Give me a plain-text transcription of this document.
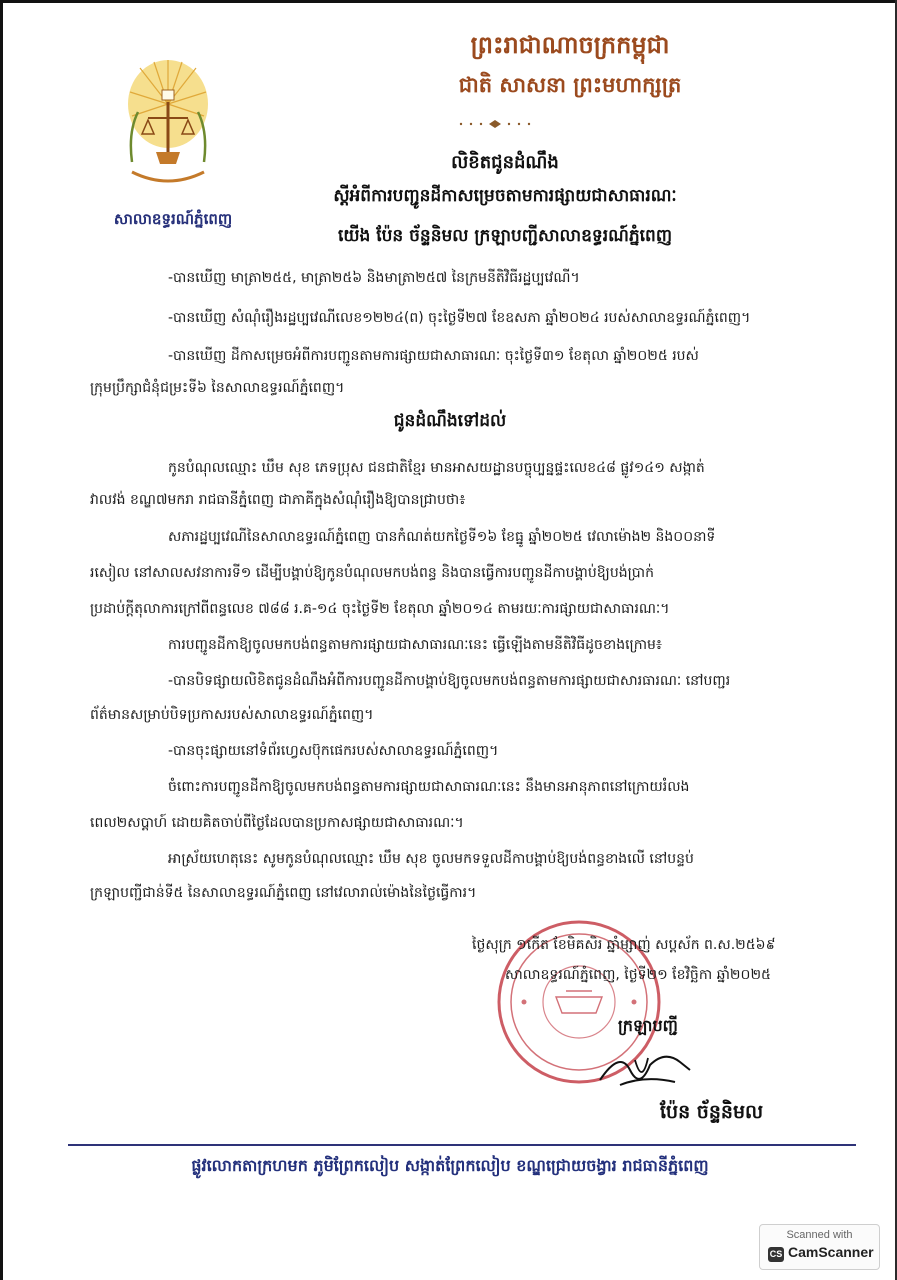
សាលាឧទ្ធរណ៍ភ្នំពេញ
ព្រះរាជាណាចក្រកម្ពុជា
ជាតិ សាសនា ព្រះមហាក្សត្រ
លិខិតជូនដំណឹង
ស្តីអំពីការបញ្ជូនដីកាសម្រេចតាមការផ្សាយជាសាធារណៈ
យើង ប៉ែន ច័ន្ទនិមល ក្រឡាបញ្ជីសាលាឧទ្ធរណ៍ភ្នំពេញ
-បានឃើញ មាត្រា២៥៥, មាត្រា២៥៦ និងមាត្រា២៥៧ នៃក្រមនីតិវិធីរដ្ឋប្បវេណី។
-បានឃើញ សំណុំរឿងរដ្ឋប្បវេណីលេខ១២២៤(ព) ចុះថ្ងៃទី២៧ ខែឧសភា ឆ្នាំ២០២៤ របស់សាលាឧទ្ធរណ៍ភ្នំពេញ។
-បានឃើញ ដីកាសម្រេចអំពីការបញ្ជូនតាមការផ្សាយជាសាធារណៈ ចុះថ្ងៃទី៣១ ខែតុលា ឆ្នាំ២០២៥ របស់
ក្រុមប្រឹក្សាជំនុំជម្រះទី៦ នៃសាលាឧទ្ធរណ៍ភ្នំពេញ។
ជូនដំណឹងទៅដល់
កូនបំណុលឈ្មោះ ឃឹម សុខ ភេទប្រុស ជនជាតិខ្មែរ មានអាសយដ្ឋានបច្ចុប្បន្នផ្ទះលេខ៤៨ ផ្លូវ១៤១ សង្កាត់
វាលវង់ ខណ្ឌ៧មករា រាជធានីភ្នំពេញ ជាភាគីក្នុងសំណុំរឿងឱ្យបានជ្រាបថា៖
សភារដ្ឋប្បវេណីនៃសាលាឧទ្ធរណ៍ភ្នំពេញ បានកំណត់យកថ្ងៃទី១៦ ខែធ្នូ ឆ្នាំ២០២៥ វេលាម៉ោង២ និង០០នាទី
រសៀល នៅសាលសវនាការទី១ ដើម្បីបង្គាប់ឱ្យកូនបំណុលមកបង់ពន្ធ និងបានធ្វើការបញ្ជូនដីកាបង្គាប់ឱ្យបង់ប្រាក់
ប្រដាប់ក្តីតុលាការក្រៅពីពន្ធលេខ ៧៨៨ រ.គ-១៤ ចុះថ្ងៃទី២ ខែតុលា ឆ្នាំ២០១៤ តាមរយៈការផ្សាយជាសាធារណៈ។
ការបញ្ជូនដីកាឱ្យចូលមកបង់ពន្ធតាមការផ្សាយជាសាធារណៈនេះ ធ្វើឡើងតាមនីតិវិធីដូចខាងក្រោម៖
-បានបិទផ្សាយលិខិតជូនដំណឹងអំពីការបញ្ជូនដីកាបង្គាប់ឱ្យចូលមកបង់ពន្ធតាមការផ្សាយជាសារធារណៈ នៅបញ្ជរ
ព័ត៌មានសម្រាប់បិទប្រកាសរបស់សាលាឧទ្ធរណ៍ភ្នំពេញ។
-បានចុះផ្សាយនៅទំព័រហ្វេសប៊ុកផេករបស់សាលាឧទ្ធរណ៍ភ្នំពេញ។
ចំពោះការបញ្ជូនដីកាឱ្យចូលមកបង់ពន្ធតាមការផ្សាយជាសាធារណៈនេះ នឹងមានអានុភាពនៅក្រោយរំលង
ពេល២សប្តាហ៍ ដោយគិតចាប់ពីថ្ងៃដែលបានប្រកាសផ្សាយជាសាធារណៈ។
អាស្រ័យហេតុនេះ សូមកូនបំណុលឈ្មោះ ឃឹម សុខ ចូលមកទទួលដីកាបង្គាប់ឱ្យបង់ពន្ធខាងលើ នៅបន្ទប់
ក្រឡាបញ្ជីជាន់ទី៥ នៃសាលាឧទ្ធរណ៍ភ្នំពេញ នៅវេលារាល់ម៉ោងនៃថ្ងៃធ្វើការ។
ថ្ងៃសុក្រ ១កើត ខែមិគសិរ ឆ្នាំម្សាញ់ សប្តស័ក ព.ស.២៥៦៩
សាលាឧទ្ធរណ៍ភ្នំពេញ, ថ្ងៃទី២១ ខែវិច្ឆិកា ឆ្នាំ២០២៥
ក្រឡាបញ្ជី
ប៉ែន ច័ន្ទនិមល
ផ្លូវលោកតាក្រហមក ភូមិព្រែកលៀប សង្កាត់ព្រែកលៀប ខណ្ឌជ្រោយចង្វារ រាជធានីភ្នំពេញ
Scanned with
CS CamScanner
